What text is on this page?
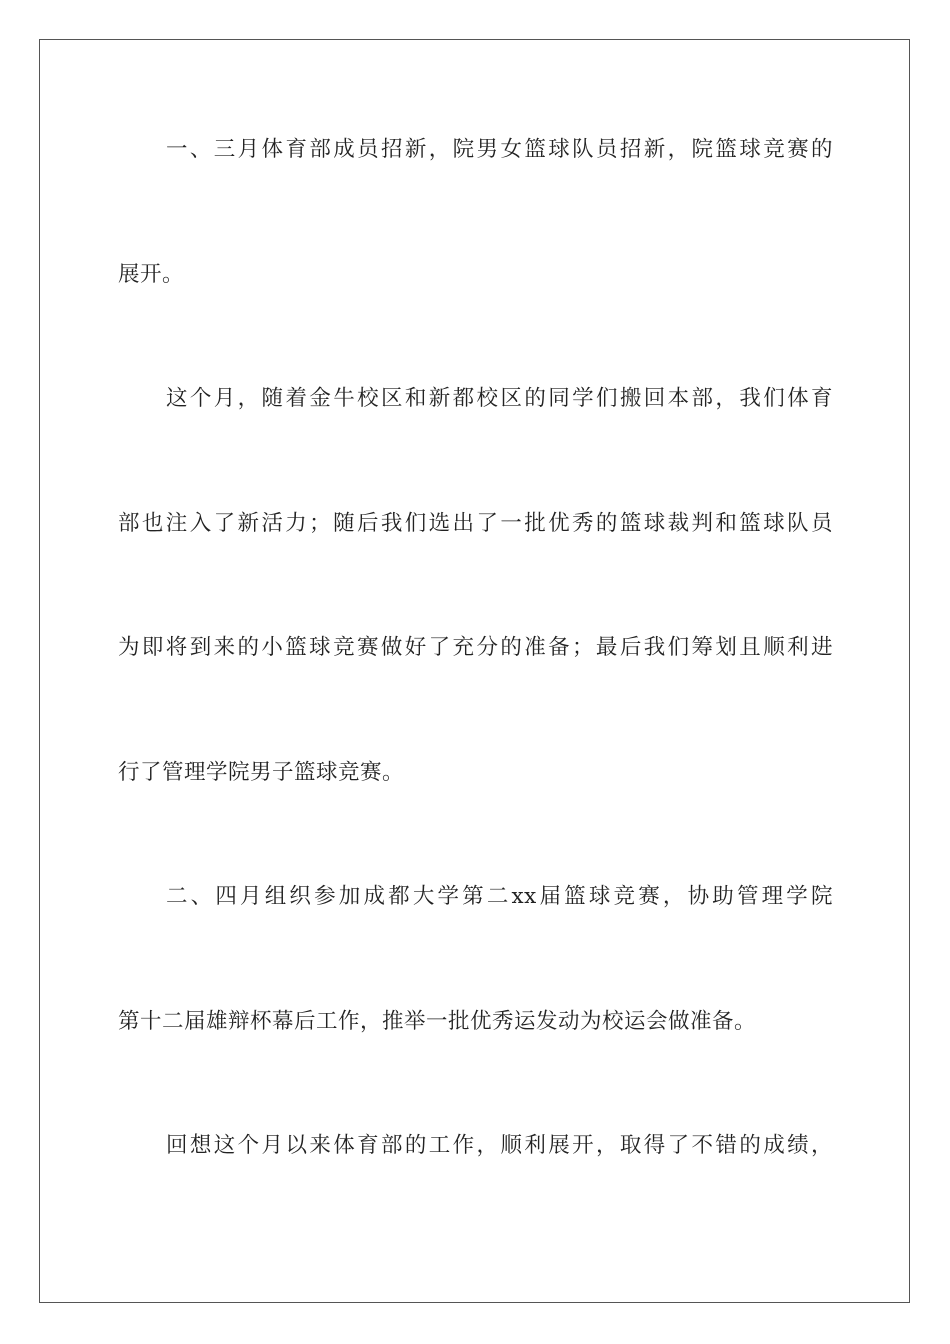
一、三月体育部成员招新，院男女篮球队员招新，院篮球竞赛的
展开。
这个月，随着金牛校区和新都校区的同学们搬回本部，我们体育
部也注入了新活力；随后我们选出了一批优秀的篮球裁判和篮球队员
为即将到来的小篮球竞赛做好了充分的准备；最后我们筹划且顺利进
行了管理学院男子篮球竞赛。
二、四月组织参加成都大学第二xx届篮球竞赛，协助管理学院
第十二届雄辩杯幕后工作，推举一批优秀运发动为校运会做准备。
回想这个月以来体育部的工作，顺利展开，取得了不错的成绩，
